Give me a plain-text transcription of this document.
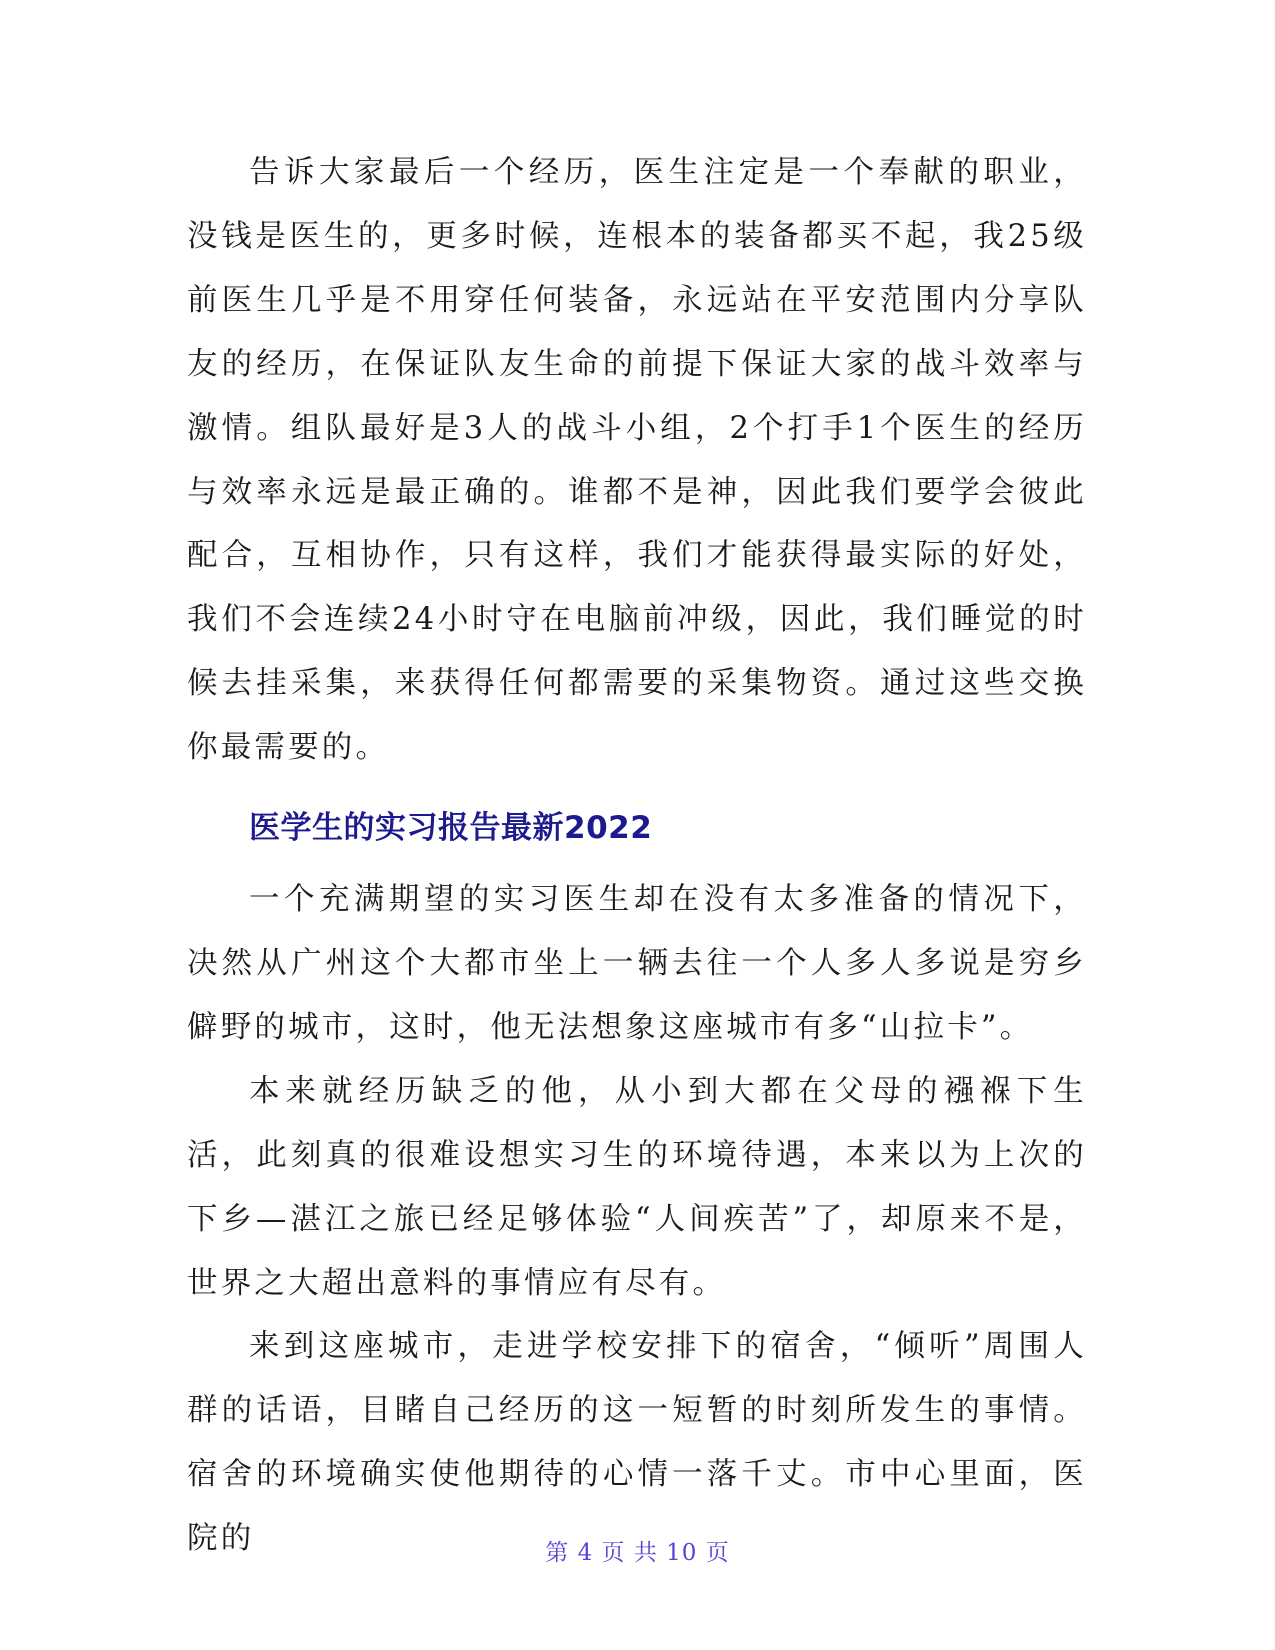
告诉大家最后一个经历，医生注定是一个奉献的职业，没钱是医生的，更多时候，连根本的装备都买不起，我25级前医生几乎是不用穿任何装备，永远站在平安范围内分享队友的经历，在保证队友生命的前提下保证大家的战斗效率与激情。组队最好是3人的战斗小组，2个打手1个医生的经历与效率永远是最正确的。谁都不是神，因此我们要学会彼此配合，互相协作，只有这样，我们才能获得最实际的好处，我们不会连续24小时守在电脑前冲级，因此，我们睡觉的时候去挂采集，来获得任何都需要的采集物资。通过这些交换你最需要的。

医学生的实习报告最新2022

一个充满期望的实习医生却在没有太多准备的情况下，决然从广州这个大都市坐上一辆去往一个人多人多说是穷乡僻野的城市，这时，他无法想象这座城市有多“山拉卡”。

本来就经历缺乏的他，从小到大都在父母的襁褓下生活，此刻真的很难设想实习生的环境待遇，本来以为上次的下乡—湛江之旅已经足够体验“人间疾苦”了，却原来不是，世界之大超出意料的事情应有尽有。

来到这座城市，走进学校安排下的宿舍，“倾听”周围人群的话语，目睹自己经历的这一短暂的时刻所发生的事情。宿舍的环境确实使他期待的心情一落千丈。市中心里面，医院的	第 4 页 共 10 页
